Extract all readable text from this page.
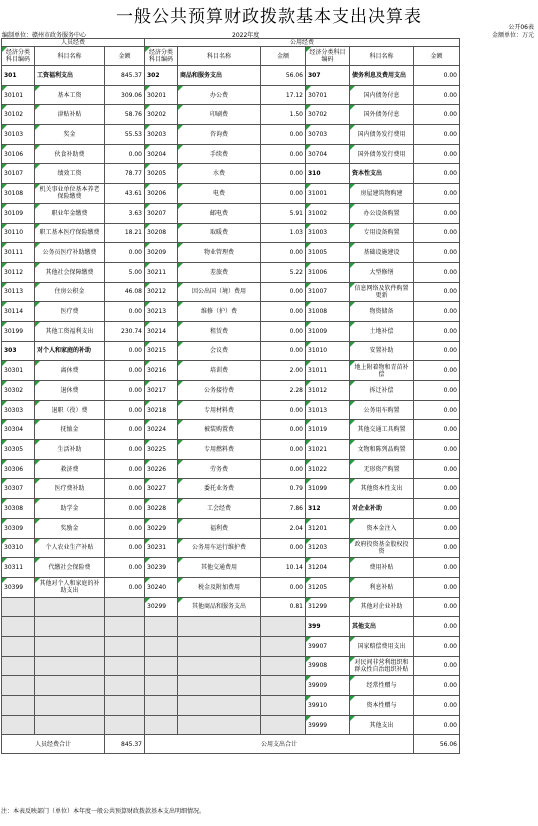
一般公共预算财政拨款基本支出决算表
公开06表
编制单位：赣州市政务服务中心	2022年度	金额单位：万元
人员经费			公用经费					
经济分类科目编码	科目名称	金额	经济分类科目编码	科目名称	金额	经济分类科目编码	科目名称	金额
301	工资福利支出	845.37	302	商品和服务支出	56.06	307	债务利息及费用支出	0.00
30101	基本工资	309.06	30201	办公费	17.12	30701	国内债务付息	0.00
30102	津贴补贴	58.76	30202	印刷费	1.50	30702	国外债务付息	0.00
30103	奖金	55.53	30203	咨询费	0.00	30703	国内债务发行费用	0.00
30106	伙食补助费	0.00	30204	手续费	0.00	30704	国外债务发行费用	0.00
30107	绩效工资	78.77	30205	水费	0.00	310	资本性支出	0.00
30108	机关事业单位基本养老保险缴费	43.61	30206	电费	0.00	31001	房屋建筑物购建	0.00
30109	职业年金缴费	3.63	30207	邮电费	5.91	31002	办公设备购置	0.00
30110	职工基本医疗保险缴费	18.21	30208	取暖费	1.03	31003	专用设备购置	0.00
30111	公务员医疗补助缴费	0.00	30209	物业管理费	0.00	31005	基础设施建设	0.00
30112	其他社会保障缴费	5.00	30211	差旅费	5.22	31006	大型修缮	0.00
30113	住房公积金	46.08	30212	因公出国（境）费用	0.00	31007	信息网络及软件购置更新	0.00
30114	医疗费	0.00	30213	维修（护）费	0.00	31008	物资储备	0.00
30199	其他工资福利支出	230.74	30214	租赁费	0.00	31009	土地补偿	0.00
303	对个人和家庭的补助	0.00	30215	会议费	0.00	31010	安置补助	0.00
30301	离休费	0.00	30216	培训费	2.00	31011	地上附着物和青苗补偿	0.00
30302	退休费	0.00	30217	公务接待费	2.28	31012	拆迁补偿	0.00
30303	退职（役）费	0.00	30218	专用材料费	0.00	31013	公务用车购置	0.00
30304	抚恤金	0.00	30224	被装购置费	0.00	31019	其他交通工具购置	0.00
30305	生活补助	0.00	30225	专用燃料费	0.00	31021	文物和陈列品购置	0.00
30306	救济费	0.00	30226	劳务费	0.00	31022	无形资产购置	0.00
30307	医疗费补助	0.00	30227	委托业务费	0.79	31099	其他资本性支出	0.00
30308	助学金	0.00	30228	工会经费	7.86	312	对企业补助	0.00
30309	奖励金	0.00	30229	福利费	2.04	31201	资本金注入	0.00
30310	个人农业生产补贴	0.00	30231	公务用车运行维护费	0.00	31203	政府投资基金股权投资	0.00
30311	代缴社会保险费	0.00	30239	其他交通费用	10.14	31204	费用补贴	0.00
30399	其他对个人和家庭的补助支出	0.00	30240	税金及附加费用	0.00	31205	利息补贴	0.00
			30299	其他商品和服务支出	0.81	31299	其他对企业补助	0.00
						399	其他支出	0.00
						39907	国家赔偿费用支出	0.00
						39908	对民间非营利组织和群众性自治组织补贴	0.00
						39909	经常性赠与	0.00
						39910	资本性赠与	0.00
						39999	其他支出	0.00
人员经费合计		845.37	公用支出合计					56.06
注：本表反映部门（单位）本年度一般公共预算财政拨款基本支出明细情况。
